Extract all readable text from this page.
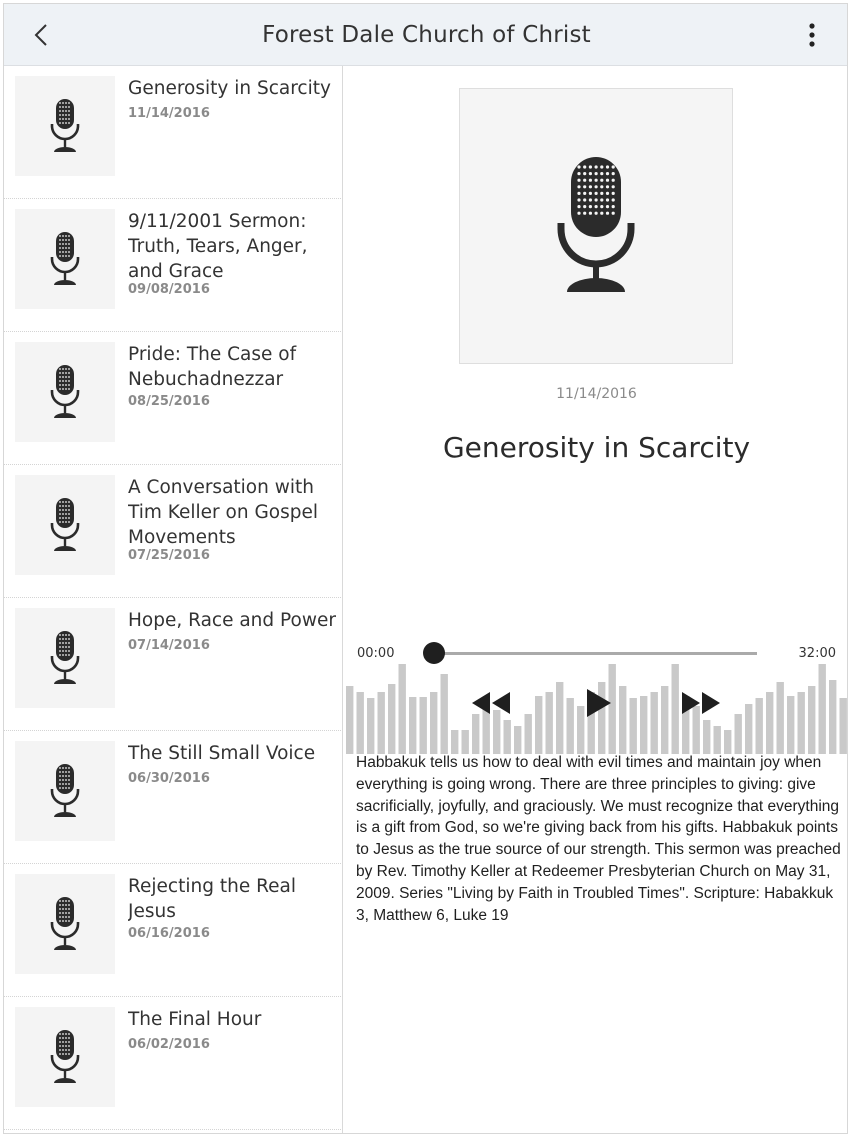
Forest Dale Church of Christ
Generosity in Scarcity
11/14/2016
9/11/2001 Sermon: Truth, Tears, Anger, and Grace
09/08/2016
Pride: The Case of Nebuchadnezzar
08/25/2016
A Conversation with Tim Keller on Gospel Movements
07/25/2016
Hope, Race and Power
07/14/2016
The Still Small Voice
06/30/2016
Rejecting the Real Jesus
06/16/2016
The Final Hour
06/02/2016
11/14/2016
Generosity in Scarcity
00:00	32:00
Habbakuk tells us how to deal with evil times and maintain joy when everything is going wrong. There are three principles to giving: give sacrificially, joyfully, and graciously. We must recognize that everything is a gift from God, so we're giving back from his gifts. Habbakuk points to Jesus as the true source of our strength. This sermon was preached by Rev. Timothy Keller at Redeemer Presbyterian Church on May 31, 2009. Series "Living by Faith in Troubled Times". Scripture: Habakkuk 3, Matthew 6, Luke 19
